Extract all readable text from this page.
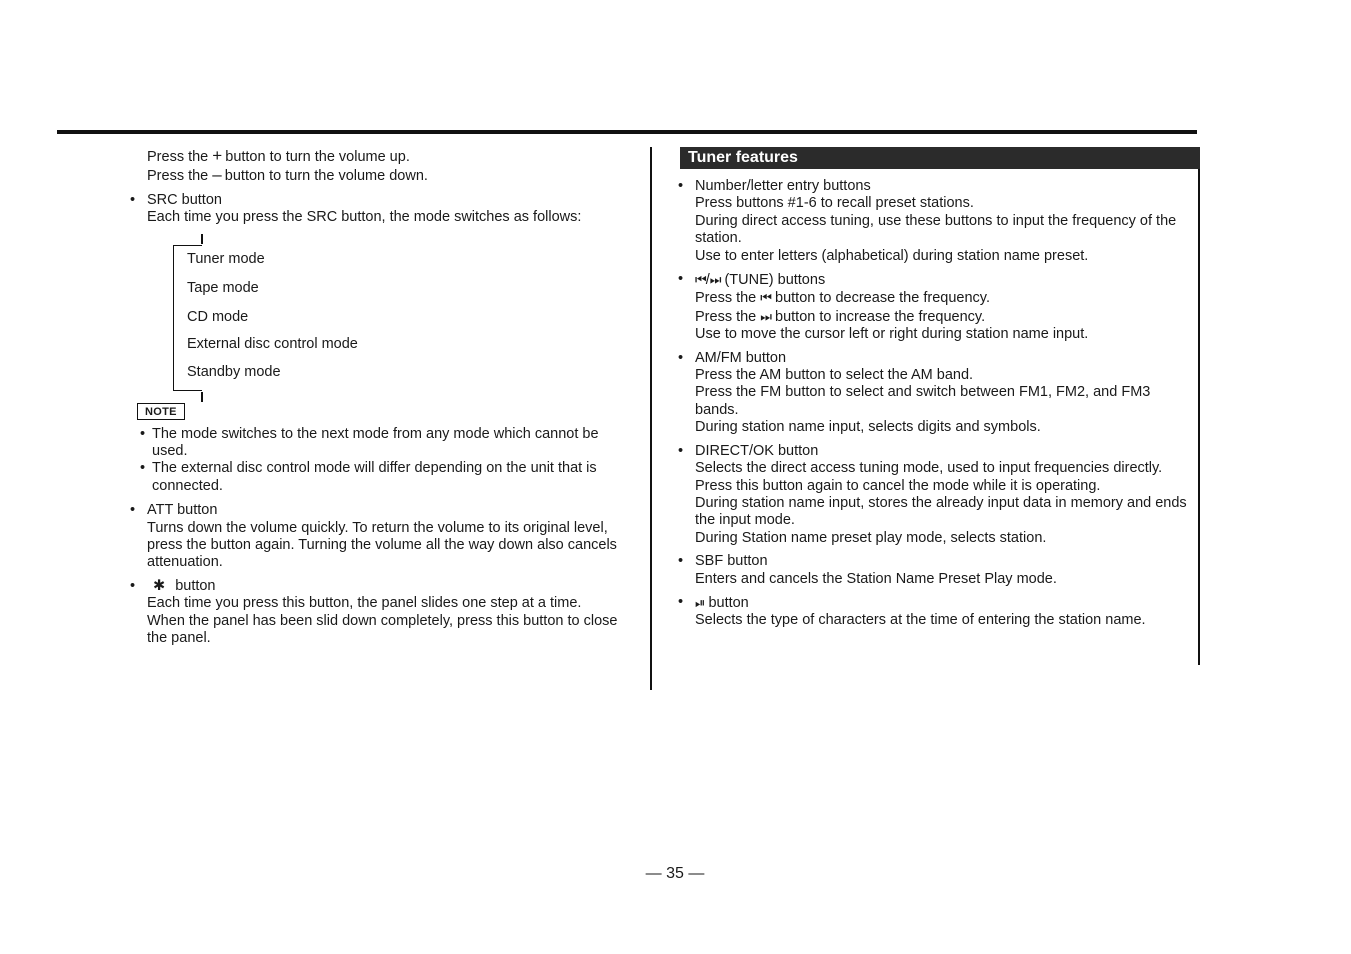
Press the + button to turn the volume up.

Press the – button to turn the volume down.

• SRC button

Each time you press the SRC button, the mode switches as follows:

Tuner mode
Tape mode
CD mode
External disc control mode
Standby mode
NOTE
• The mode switches to the next mode from any mode which cannot be used.
• The external disc control mode will differ depending on the unit that is connected.
• ATT button

Turns down the volume quickly. To return the volume to its original level, press the button again. Turning the volume all the way down also cancels attenuation.

•	✱ button

Each time you press this button, the panel slides one step at a time.

When the panel has been slid down completely, press this button to close the panel.

Tuner features
• Number/letter entry buttons

Press buttons #1-6 to recall preset stations.

During direct access tuning, use these buttons to input the frequency of the station.

Use to enter letters (alphabetical) during station name preset.

• ⏮/⏭ (TUNE) buttons

Press the ⏮ button to decrease the frequency.

Press the ⏭ button to increase the frequency.

Use to move the cursor left or right during station name input.

• AM/FM button

Press the AM button to select the AM band.

Press the FM button to select and switch between FM1, FM2, and FM3 bands.

During station name input, selects digits and symbols.

• DIRECT/OK button

Selects the direct access tuning mode, used to input frequencies directly. Press this button again to cancel the mode while it is operating.

During station name input, stores the already input data in memory and ends the input mode.

During Station name preset play mode, selects station.

• SBF button

Enters and cancels the Station Name Preset Play mode.

• ⏯ button

Selects the type of characters at the time of entering the station name.

— 35 —
